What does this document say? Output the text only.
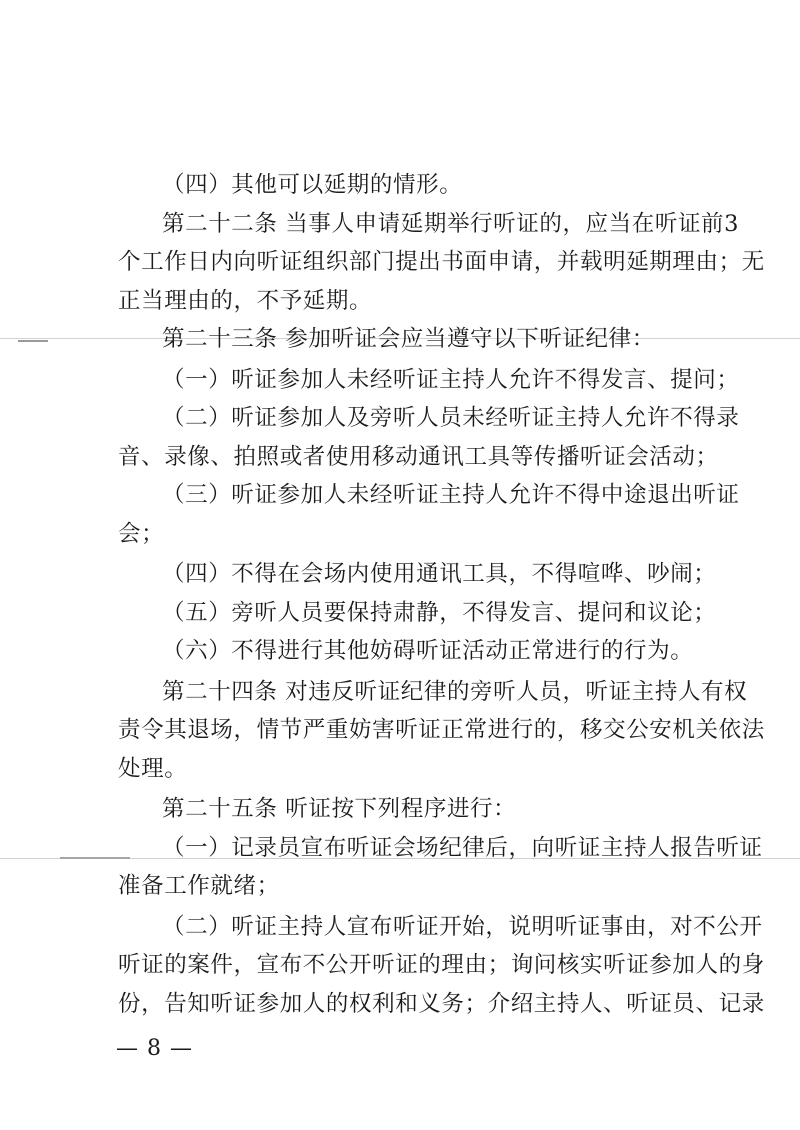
（四）其他可以延期的情形。
第二十二条 当事人申请延期举行听证的，应当在听证前3
个工作日内向听证组织部门提出书面申请，并载明延期理由；无
正当理由的，不予延期。
第二十三条 参加听证会应当遵守以下听证纪律：
（一）听证参加人未经听证主持人允许不得发言、提问；
（二）听证参加人及旁听人员未经听证主持人允许不得录
音、录像、拍照或者使用移动通讯工具等传播听证会活动；
（三）听证参加人未经听证主持人允许不得中途退出听证
会；
（四）不得在会场内使用通讯工具，不得喧哗、吵闹；
（五）旁听人员要保持肃静，不得发言、提问和议论；
（六）不得进行其他妨碍听证活动正常进行的行为。
第二十四条 对违反听证纪律的旁听人员，听证主持人有权
责令其退场，情节严重妨害听证正常进行的，移交公安机关依法
处理。
第二十五条 听证按下列程序进行：
（一）记录员宣布听证会场纪律后，向听证主持人报告听证
准备工作就绪；
（二）听证主持人宣布听证开始，说明听证事由，对不公开
听证的案件，宣布不公开听证的理由；询问核实听证参加人的身
份，告知听证参加人的权利和义务；介绍主持人、听证员、记录
— 8 —
